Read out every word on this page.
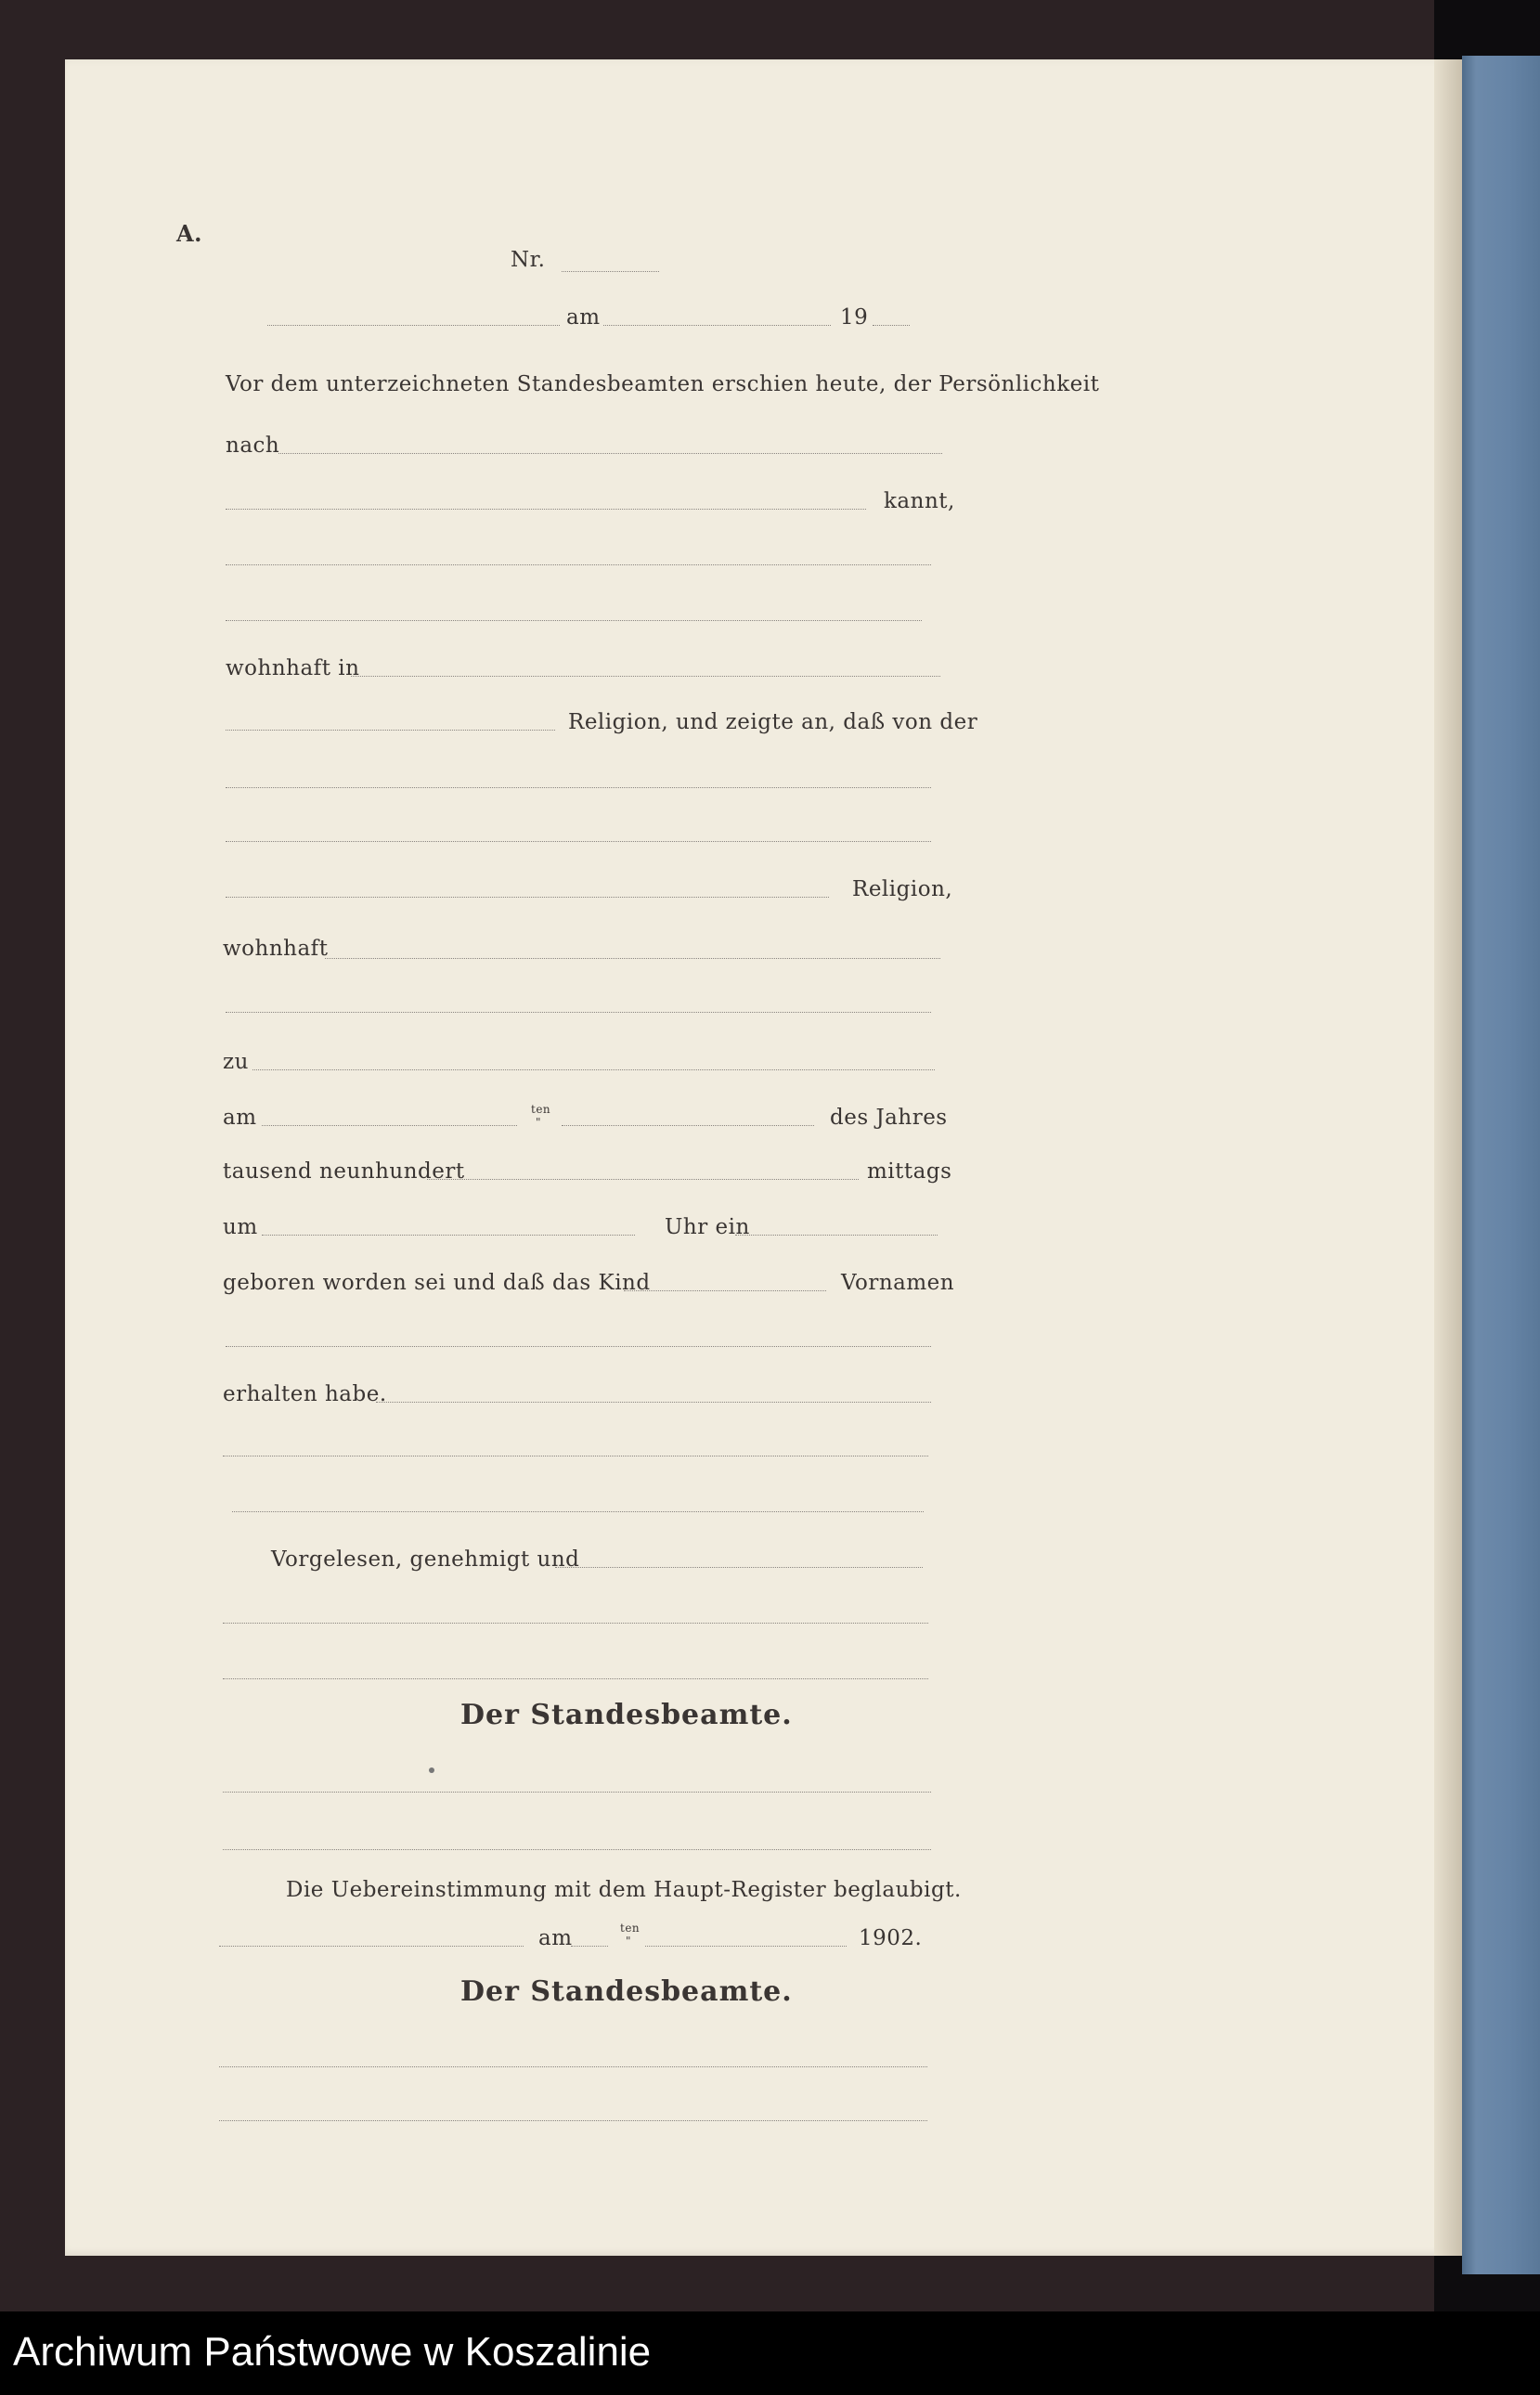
A.
Nr.
am	19
Vor dem unterzeichneten Standesbeamten erschien heute, der Persönlichkeit
nach
kannt,
wohnhaft in
Religion, und zeigte an, daß von der
Religion,
wohnhaft
zu
am	ten
"	des Jahres
tausend neunhundert	mittags
um	Uhr ein
geboren worden sei und daß das Kind	Vornamen
erhalten habe.
Vorgelesen, genehmigt und
Der Standesbeamte.
Die Uebereinstimmung mit dem Haupt-Register beglaubigt.
am	ten
"	1902.
Der Standesbeamte.
Archiwum Państwowe w Koszalinie
